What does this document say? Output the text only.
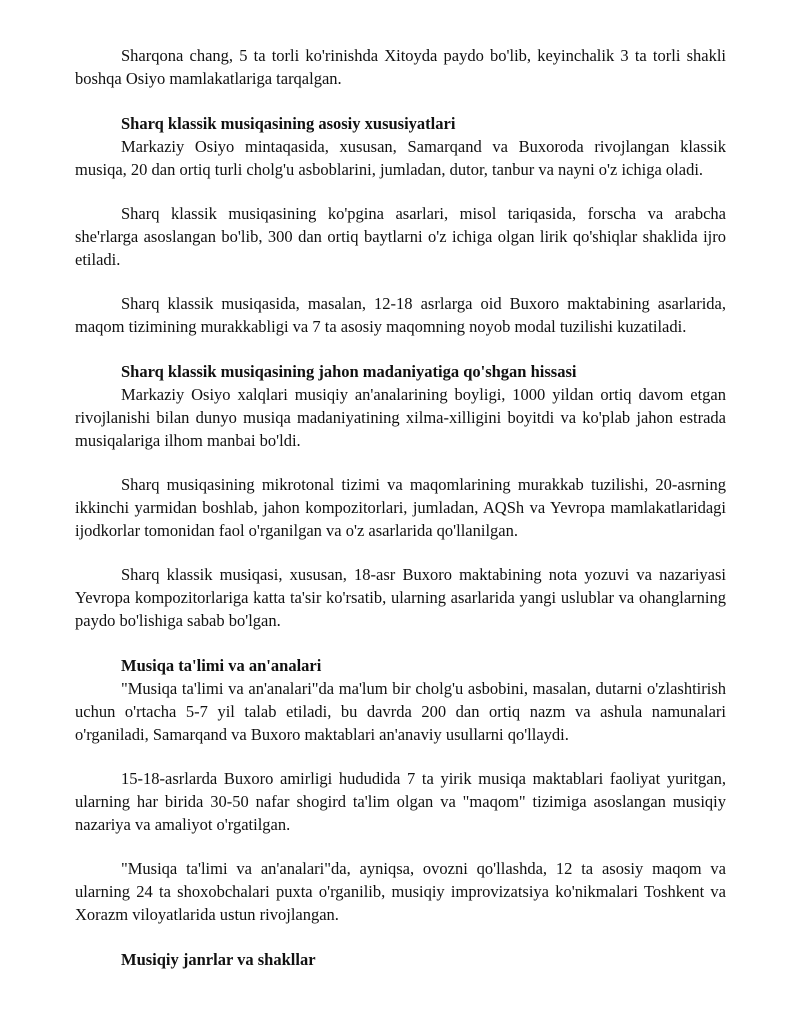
Sharqona chang, 5 ta torli ko'rinishda Xitoyda paydo bo'lib, keyinchalik 3 ta torli shakli boshqa Osiyo mamlakatlariga tarqalgan.

Sharq klassik musiqasining asosiy xususiyatlari

Markaziy Osiyo mintaqasida, xususan, Samarqand va Buxoroda rivojlangan klassik musiqa, 20 dan ortiq turli cholg'u asboblarini, jumladan, dutor, tanbur va nayni o'z ichiga oladi.

Sharq klassik musiqasining ko'pgina asarlari, misol tariqasida, forscha va arabcha she'rlarga asoslangan bo'lib, 300 dan ortiq baytlarni o'z ichiga olgan lirik qo'shiqlar shaklida ijro etiladi.

Sharq klassik musiqasida, masalan, 12-18 asrlarga oid Buxoro maktabining asarlarida, maqom tizimining murakkabligi va 7 ta asosiy maqomning noyob modal tuzilishi kuzatiladi.

Sharq klassik musiqasining jahon madaniyatiga qo'shgan hissasi

Markaziy Osiyo xalqlari musiqiy an'analarining boyligi, 1000 yildan ortiq davom etgan rivojlanishi bilan dunyo musiqa madaniyatining xilma-xilligini boyitdi va ko'plab jahon estrada musiqalariga ilhom manbai bo'ldi.

Sharq musiqasining mikrotonal tizimi va maqomlarining murakkab tuzilishi, 20-asrning ikkinchi yarmidan boshlab, jahon kompozitorlari, jumladan, AQSh va Yevropa mamlakatlaridagi ijodkorlar tomonidan faol o'rganilgan va o'z asarlarida qo'llanilgan.

Sharq klassik musiqasi, xususan, 18-asr Buxoro maktabining nota yozuvi va nazariyasi Yevropa kompozitorlariga katta ta'sir ko'rsatib, ularning asarlarida yangi uslublar va ohanglarning paydo bo'lishiga sabab bo'lgan.

Musiqa ta'limi va an'analari

"Musiqa ta'limi va an'analari"da ma'lum bir cholg'u asbobini, masalan, dutarni o'zlashtirish uchun o'rtacha 5-7 yil talab etiladi, bu davrda 200 dan ortiq nazm va ashula namunalari o'rganiladi, Samarqand va Buxoro maktablari an'anaviy usullarni qo'llaydi.

15-18-asrlarda Buxoro amirligi hududida 7 ta yirik musiqa maktablari faoliyat yuritgan, ularning har birida 30-50 nafar shogird ta'lim olgan va "maqom" tizimiga asoslangan musiqiy nazariya va amaliyot o'rgatilgan.

"Musiqa ta'limi va an'analari"da, ayniqsa, ovozni qo'llashda, 12 ta asosiy maqom va ularning 24 ta shoxobchalari puxta o'rganilib, musiqiy improvizatsiya ko'nikmalari Toshkent va Xorazm viloyatlarida ustun rivojlangan.

Musiqiy janrlar va shakllar
